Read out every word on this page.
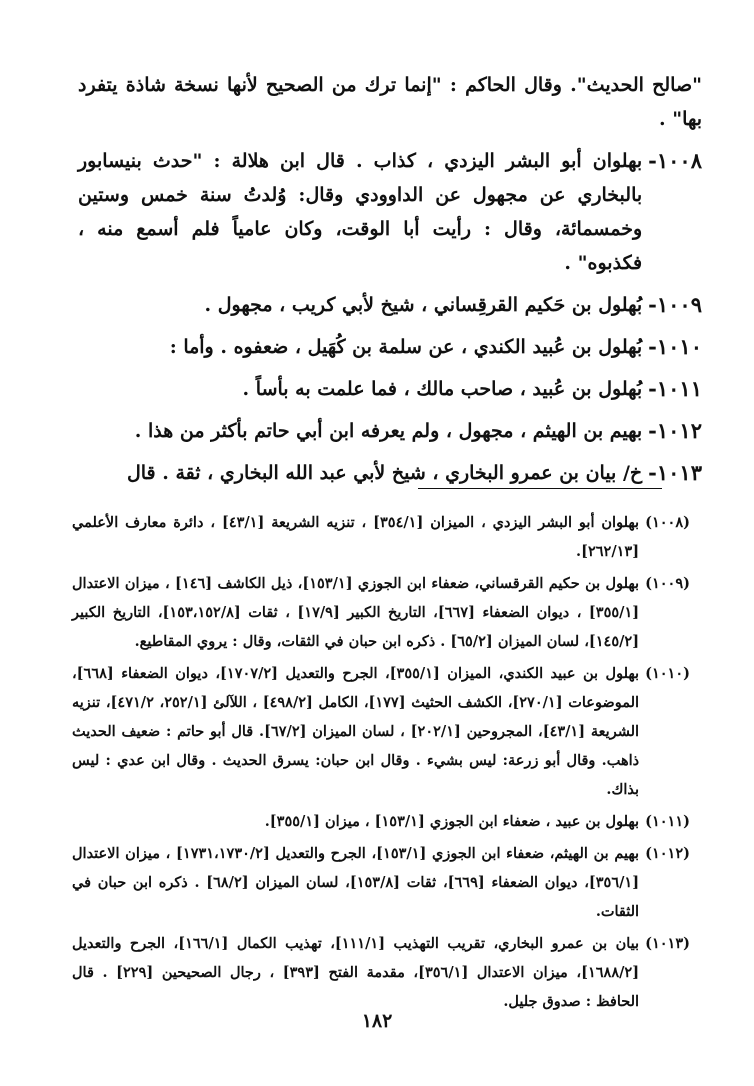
"صالح الحديث". وقال الحاكم : "إنما ترك من الصحيح لأنها نسخة شاذة يتفرد بها" .

١٠٠٨-
بهلوان أبو البشر اليزدي ، كذاب . قال ابن هلالة : "حدث بنيسابور بالبخاري عن مجهول عن الداوودي وقال: وُلدتُ سنة خمس وستين وخمسمائة، وقال : رأيت أبا الوقت، وكان عامياً فلم أسمع منه ، فكذبوه" .
١٠٠٩-
بُهلول بن حَكيم القرقِساني ، شيخ لأبي كريب ، مجهول .
١٠١٠-
بُهلول بن عُبيد الكندي ، عن سلمة بن كُهَيل ، ضعفوه . وأما :
١٠١١-
بُهلول بن عُبيد ، صاحب مالك ، فما علمت به بأساً .
١٠١٢-
بهيم بن الهيثم ، مجهول ، ولم يعرفه ابن أبي حاتم بأكثر من هذا .
١٠١٣-
خ/ بيان بن عمرو البخاري ، شيخ لأبي عبد الله البخاري ، ثقة . قال
(١٠٠٨)
بهلوان أبو البشر اليزدي ، الميزان [٣٥٤/١] ، تنزيه الشريعة [٤٣/١] ، دائرة معارف الأعلمي [٢٦٢/١٣].
(١٠٠٩)
بهلول بن حكيم القرقساني، ضعفاء ابن الجوزي [١٥٣/١]، ذيل الكاشف [١٤٦] ، ميزان الاعتدال [٣٥٥/١] ، ديوان الضعفاء [٦٦٧]، التاريخ الكبير [١٧/٩] ، ثقات [١٥٣،١٥٢/٨]، التاريخ الكبير [١٤٥/٢]، لسان الميزان [٦٥/٢] . ذكره ابن حبان في الثقات، وقال : يروي المقاطيع.
(١٠١٠)
بهلول بن عبيد الكندي، الميزان [٣٥٥/١]، الجرح والتعديل [١٧٠٧/٢]، ديوان الضعفاء [٦٦٨]، الموضوعات [٢٧٠/١]، الكشف الحثيث [١٧٧]، الكامل [٤٩٨/٢] ، اللآلئ [٢٥٢/١، ٤٧١/٢]، تنزيه الشريعة [٤٣/١]، المجروحين [٢٠٢/١] ، لسان الميزان [٦٧/٢]. قال أبو حاتم : ضعيف الحديث ذاهب. وقال أبو زرعة: ليس بشيء . وقال ابن حبان: يسرق الحديث . وقال ابن عدي : ليس بذاك.
(١٠١١)
بهلول بن عبيد ، ضعفاء ابن الجوزي [١٥٣/١] ، ميزان [٣٥٥/١].
(١٠١٢)
بهيم بن الهيثم، ضعفاء ابن الجوزي [١٥٣/١]، الجرح والتعديل [١٧٣١،١٧٣٠/٢] ، ميزان الاعتدال [٣٥٦/١]، ديوان الضعفاء [٦٦٩]، ثقات [١٥٣/٨]، لسان الميزان [٦٨/٢] . ذكره ابن حبان في الثقات.
(١٠١٣)
بيان بن عمرو البخاري، تقريب التهذيب [١١١/١]، تهذيب الكمال [١٦٦/١]، الجرح والتعديل [١٦٨٨/٢]، ميزان الاعتدال [٣٥٦/١]، مقدمة الفتح [٣٩٣] ، رجال الصحيحين [٢٢٩] . قال الحافظ : صدوق جليل.
١٨٢
